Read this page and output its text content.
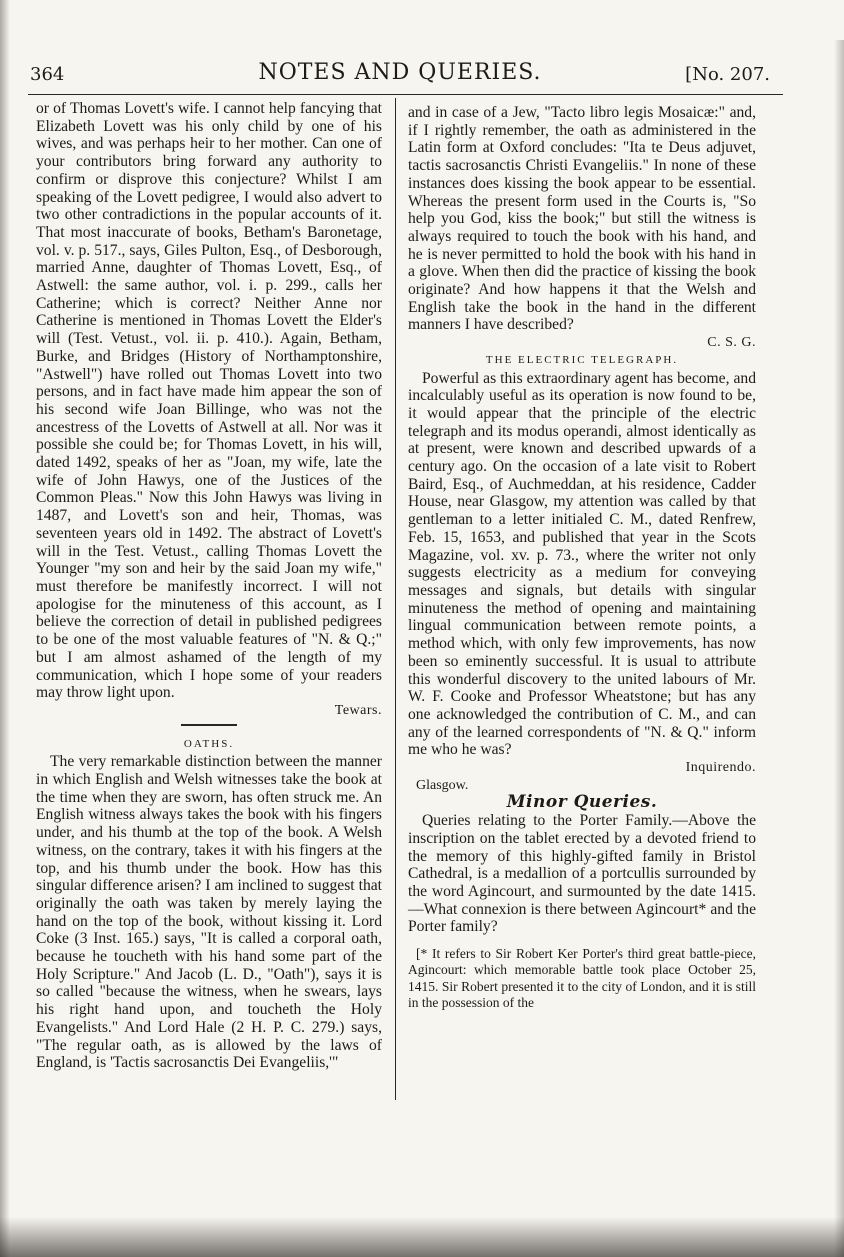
364	NOTES AND QUERIES.	[No. 207.

or of Thomas Lovett's wife. I cannot help fancying that Elizabeth Lovett was his only child by one of his wives, and was perhaps heir to her mother. Can one of your contributors bring forward any authority to confirm or disprove this conjecture? Whilst I am speaking of the Lovett pedigree, I would also advert to two other contradictions in the popular accounts of it. That most inaccurate of books, Betham's Baronetage, vol. v. p. 517., says, Giles Pulton, Esq., of Desborough, married Anne, daughter of Thomas Lovett, Esq., of Astwell: the same author, vol. i. p. 299., calls her Catherine; which is correct? Neither Anne nor Catherine is mentioned in Thomas Lovett the Elder's will (Test. Vetust., vol. ii. p. 410.). Again, Betham, Burke, and Bridges (History of Northamptonshire, "Astwell") have rolled out Thomas Lovett into two persons, and in fact have made him appear the son of his second wife Joan Billinge, who was not the ancestress of the Lovetts of Astwell at all. Nor was it possible she could be; for Thomas Lovett, in his will, dated 1492, speaks of her as "Joan, my wife, late the wife of John Hawys, one of the Justices of the Common Pleas." Now this John Hawys was living in 1487, and Lovett's son and heir, Thomas, was seventeen years old in 1492. The abstract of Lovett's will in the Test. Vetust., calling Thomas Lovett the Younger "my son and heir by the said Joan my wife," must therefore be manifestly incorrect. I will not apologise for the minuteness of this account, as I believe the correction of detail in published pedigrees to be one of the most valuable features of "N. & Q.;" but I am almost ashamed of the length of my communication, which I hope some of your readers may throw light upon.

Tewars.

OATHS.

The very remarkable distinction between the manner in which English and Welsh witnesses take the book at the time when they are sworn, has often struck me. An English witness always takes the book with his fingers under, and his thumb at the top of the book. A Welsh witness, on the contrary, takes it with his fingers at the top, and his thumb under the book. How has this singular difference arisen? I am inclined to suggest that originally the oath was taken by merely laying the hand on the top of the book, without kissing it. Lord Coke (3 Inst. 165.) says, "It is called a corporal oath, because he toucheth with his hand some part of the Holy Scripture." And Jacob (L. D., "Oath"), says it is so called "because the witness, when he swears, lays his right hand upon, and toucheth the Holy Evangelists." And Lord Hale (2 H. P. C. 279.) says, "The regular oath, as is allowed by the laws of England, is 'Tactis sacrosanctis Dei Evangeliis,'"

and in case of a Jew, "Tacto libro legis Mosaicæ:" and, if I rightly remember, the oath as administered in the Latin form at Oxford concludes: "Ita te Deus adjuvet, tactis sacrosanctis Christi Evangeliis." In none of these instances does kissing the book appear to be essential. Whereas the present form used in the Courts is, "So help you God, kiss the book;" but still the witness is always required to touch the book with his hand, and he is never permitted to hold the book with his hand in a glove. When then did the practice of kissing the book originate? And how happens it that the Welsh and English take the book in the hand in the different manners I have described?

C. S. G.

THE ELECTRIC TELEGRAPH.

Powerful as this extraordinary agent has become, and incalculably useful as its operation is now found to be, it would appear that the principle of the electric telegraph and its modus operandi, almost identically as at present, were known and described upwards of a century ago. On the occasion of a late visit to Robert Baird, Esq., of Auchmeddan, at his residence, Cadder House, near Glasgow, my attention was called by that gentleman to a letter initialed C. M., dated Renfrew, Feb. 15, 1653, and published that year in the Scots Magazine, vol. xv. p. 73., where the writer not only suggests electricity as a medium for conveying messages and signals, but details with singular minuteness the method of opening and maintaining lingual communication between remote points, a method which, with only few improvements, has now been so eminently successful. It is usual to attribute this wonderful discovery to the united labours of Mr. W. F. Cooke and Professor Wheatstone; but has any one acknowledged the contribution of C. M., and can any of the learned correspondents of "N. & Q." inform me who he was?

Inquirendo.

Glasgow.

Minor Queries.

Queries relating to the Porter Family.—Above the inscription on the tablet erected by a devoted friend to the memory of this highly-gifted family in Bristol Cathedral, is a medallion of a portcullis surrounded by the word Agincourt, and surmounted by the date 1415.—What connexion is there between Agincourt* and the Porter family?

[* It refers to Sir Robert Ker Porter's third great battle-piece, Agincourt: which memorable battle took place October 25, 1415. Sir Robert presented it to the city of London, and it is still in the possession of the
